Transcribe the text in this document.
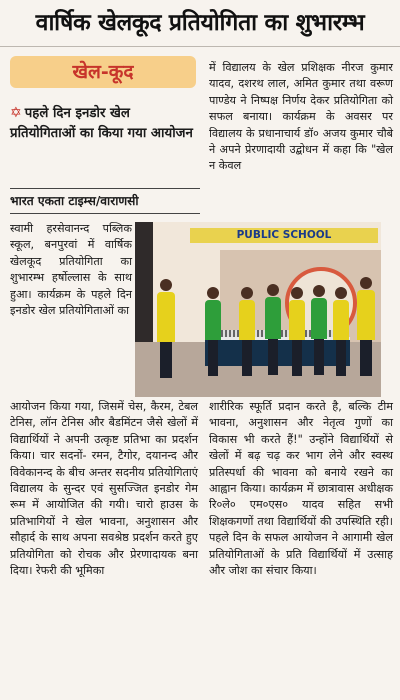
वार्षिक खेलकूद प्रतियोगिता का शुभारम्भ
खेल-कूद
✡ पहले दिन इनडोर खेल प्रतियोगिताओं का किया गया आयोजन
भारत एकता टाइम्स/वाराणसी
स्वामी हरसेवानन्द पब्लिक स्कूल, बनपुरवां में वार्षिक खेलकूद प्रतियोगिता का शुभारम्भ हर्षोल्लास के साथ हुआ। कार्यक्रम के पहले दिन इनडोर खेल प्रतियोगिताओं का
PUBLIC SCHOOL
आयोजन किया गया, जिसमें चेस, कैरम, टेबल टेनिस, लॉन टेनिस और बैडमिंटन जैसे खेलों में विद्यार्थियों ने अपनी उत्कृष्ट प्रतिभा का प्रदर्शन किया। चार सदनों- रमन, टैगोर, दयानन्द और विवेकानन्द के बीच अन्तर सदनीय प्रतियोगिताएं विद्यालय के सुन्दर एवं सुसज्जित इनडोर गेम रूम में आयोजित की गयी। चारो हाउस के प्रतिभागियों ने खेल भावना, अनुशासन और सौहार्द के साथ अपना सवश्रेष्ठ प्रदर्शन करते हुए प्रतियोगिता को रोचक और प्रेरणादायक बना दिया। रेफरी की भूमिका
में विद्यालय के खेल प्रशिक्षक नीरज कुमार यादव, दशरथ लाल, अमित कुमार तथा वरूण पाण्डेय ने निष्पक्ष निर्णय देकर प्रतियोगिता को सफल बनाया। कार्यक्रम के अवसर पर विद्यालय के प्रधानाचार्य डॉ० अजय कुमार चौबे ने अपने प्रेरणादायी उद्बोधन में कहा कि "खेल न केवल
शारीरिक स्फूर्ति प्रदान करते है, बल्कि टीम भावना, अनुशासन और नेतृत्व गुणों का विकास भी करते हैं!" उन्होंने विद्यार्थियों से खेलों में बढ़ चढ़ कर भाग लेने और स्वस्थ प्रतिस्पर्धा की भावना को बनाये रखने का आह्वान किया। कार्यक्रम में छात्रावास अधीक्षक रि०ले० एम०एस० यादव सहित सभी शिक्षकगणों तथा विद्यार्थियों की उपस्थिति रही। पहले दिन के सफल आयोजन ने आगामी खेल प्रतियोगिताओं के प्रति विद्यार्थियों में उत्साह और जोश का संचार किया।
